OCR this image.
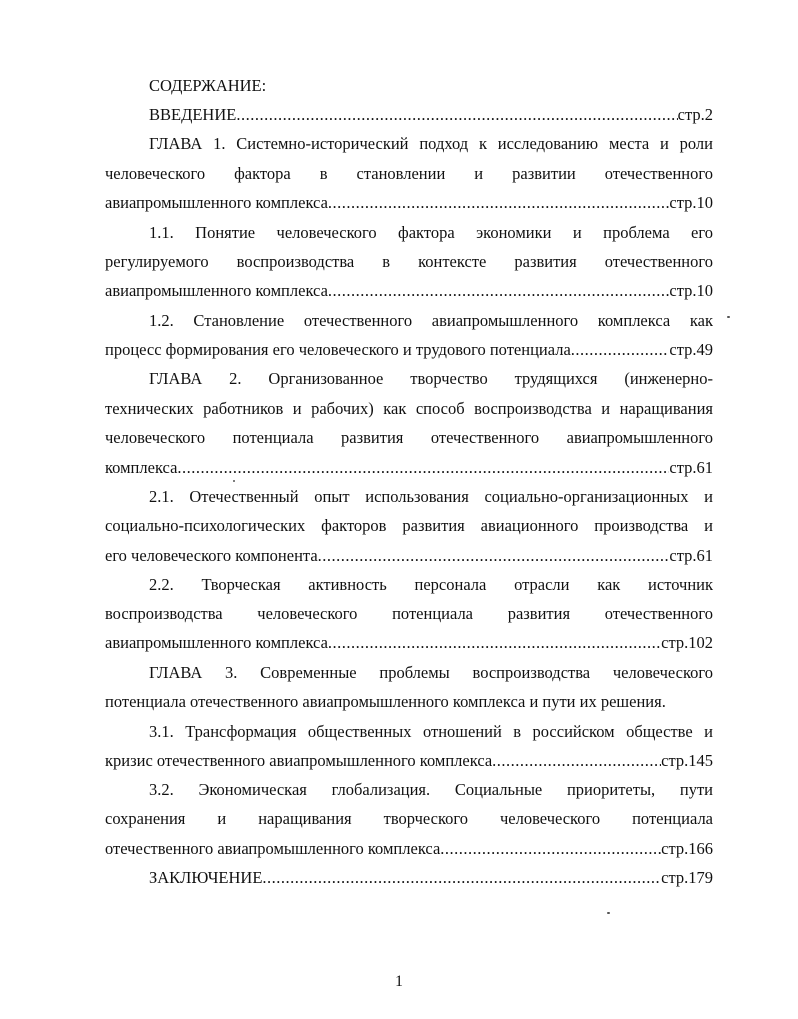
СОДЕРЖАНИЕ:
ВВЕДЕНИЕ .....	стр.2
ГЛАВА 1. Системно-исторический подход к исследованию места и роли
человеческого фактора в становлении и развитии отечественного
авиапромышленного комплекса .....	стр.10
1.1. Понятие человеческого фактора экономики и проблема его
регулируемого воспроизводства в контексте развития отечественного
авиапромышленного комплекса .....	стр.10
1.2. Становление отечественного авиапромышленного комплекса как
процесс формирования его человеческого и трудового потенциала .....	стр.49
ГЛАВА 2. Организованное творчество трудящихся (инженерно-
технических работников и рабочих) как способ воспроизводства и наращивания
человеческого потенциала развития отечественного авиапромышленного
комплекса .....	стр.61
2.1. Отечественный опыт использования социально-организационных и
социально-психологических факторов развития авиационного производства и
его человеческого компонента .....	стр.61
2.2. Творческая активность персонала отрасли как источник
воспроизводства человеческого потенциала развития отечественного
авиапромышленного комплекса .....	стр.102
ГЛАВА 3. Современные проблемы воспроизводства человеческого
потенциала отечественного авиапромышленного комплекса и пути их решения.
3.1. Трансформация общественных отношений в российском обществе и
кризис отечественного авиапромышленного комплекса .....	стр.145
3.2. Экономическая глобализация. Социальные приоритеты, пути
сохранения и наращивания творческого человеческого потенциала
отечественного авиапромышленного комплекса .....	стр.166
ЗАКЛЮЧЕНИЕ .....	стр.179
1
